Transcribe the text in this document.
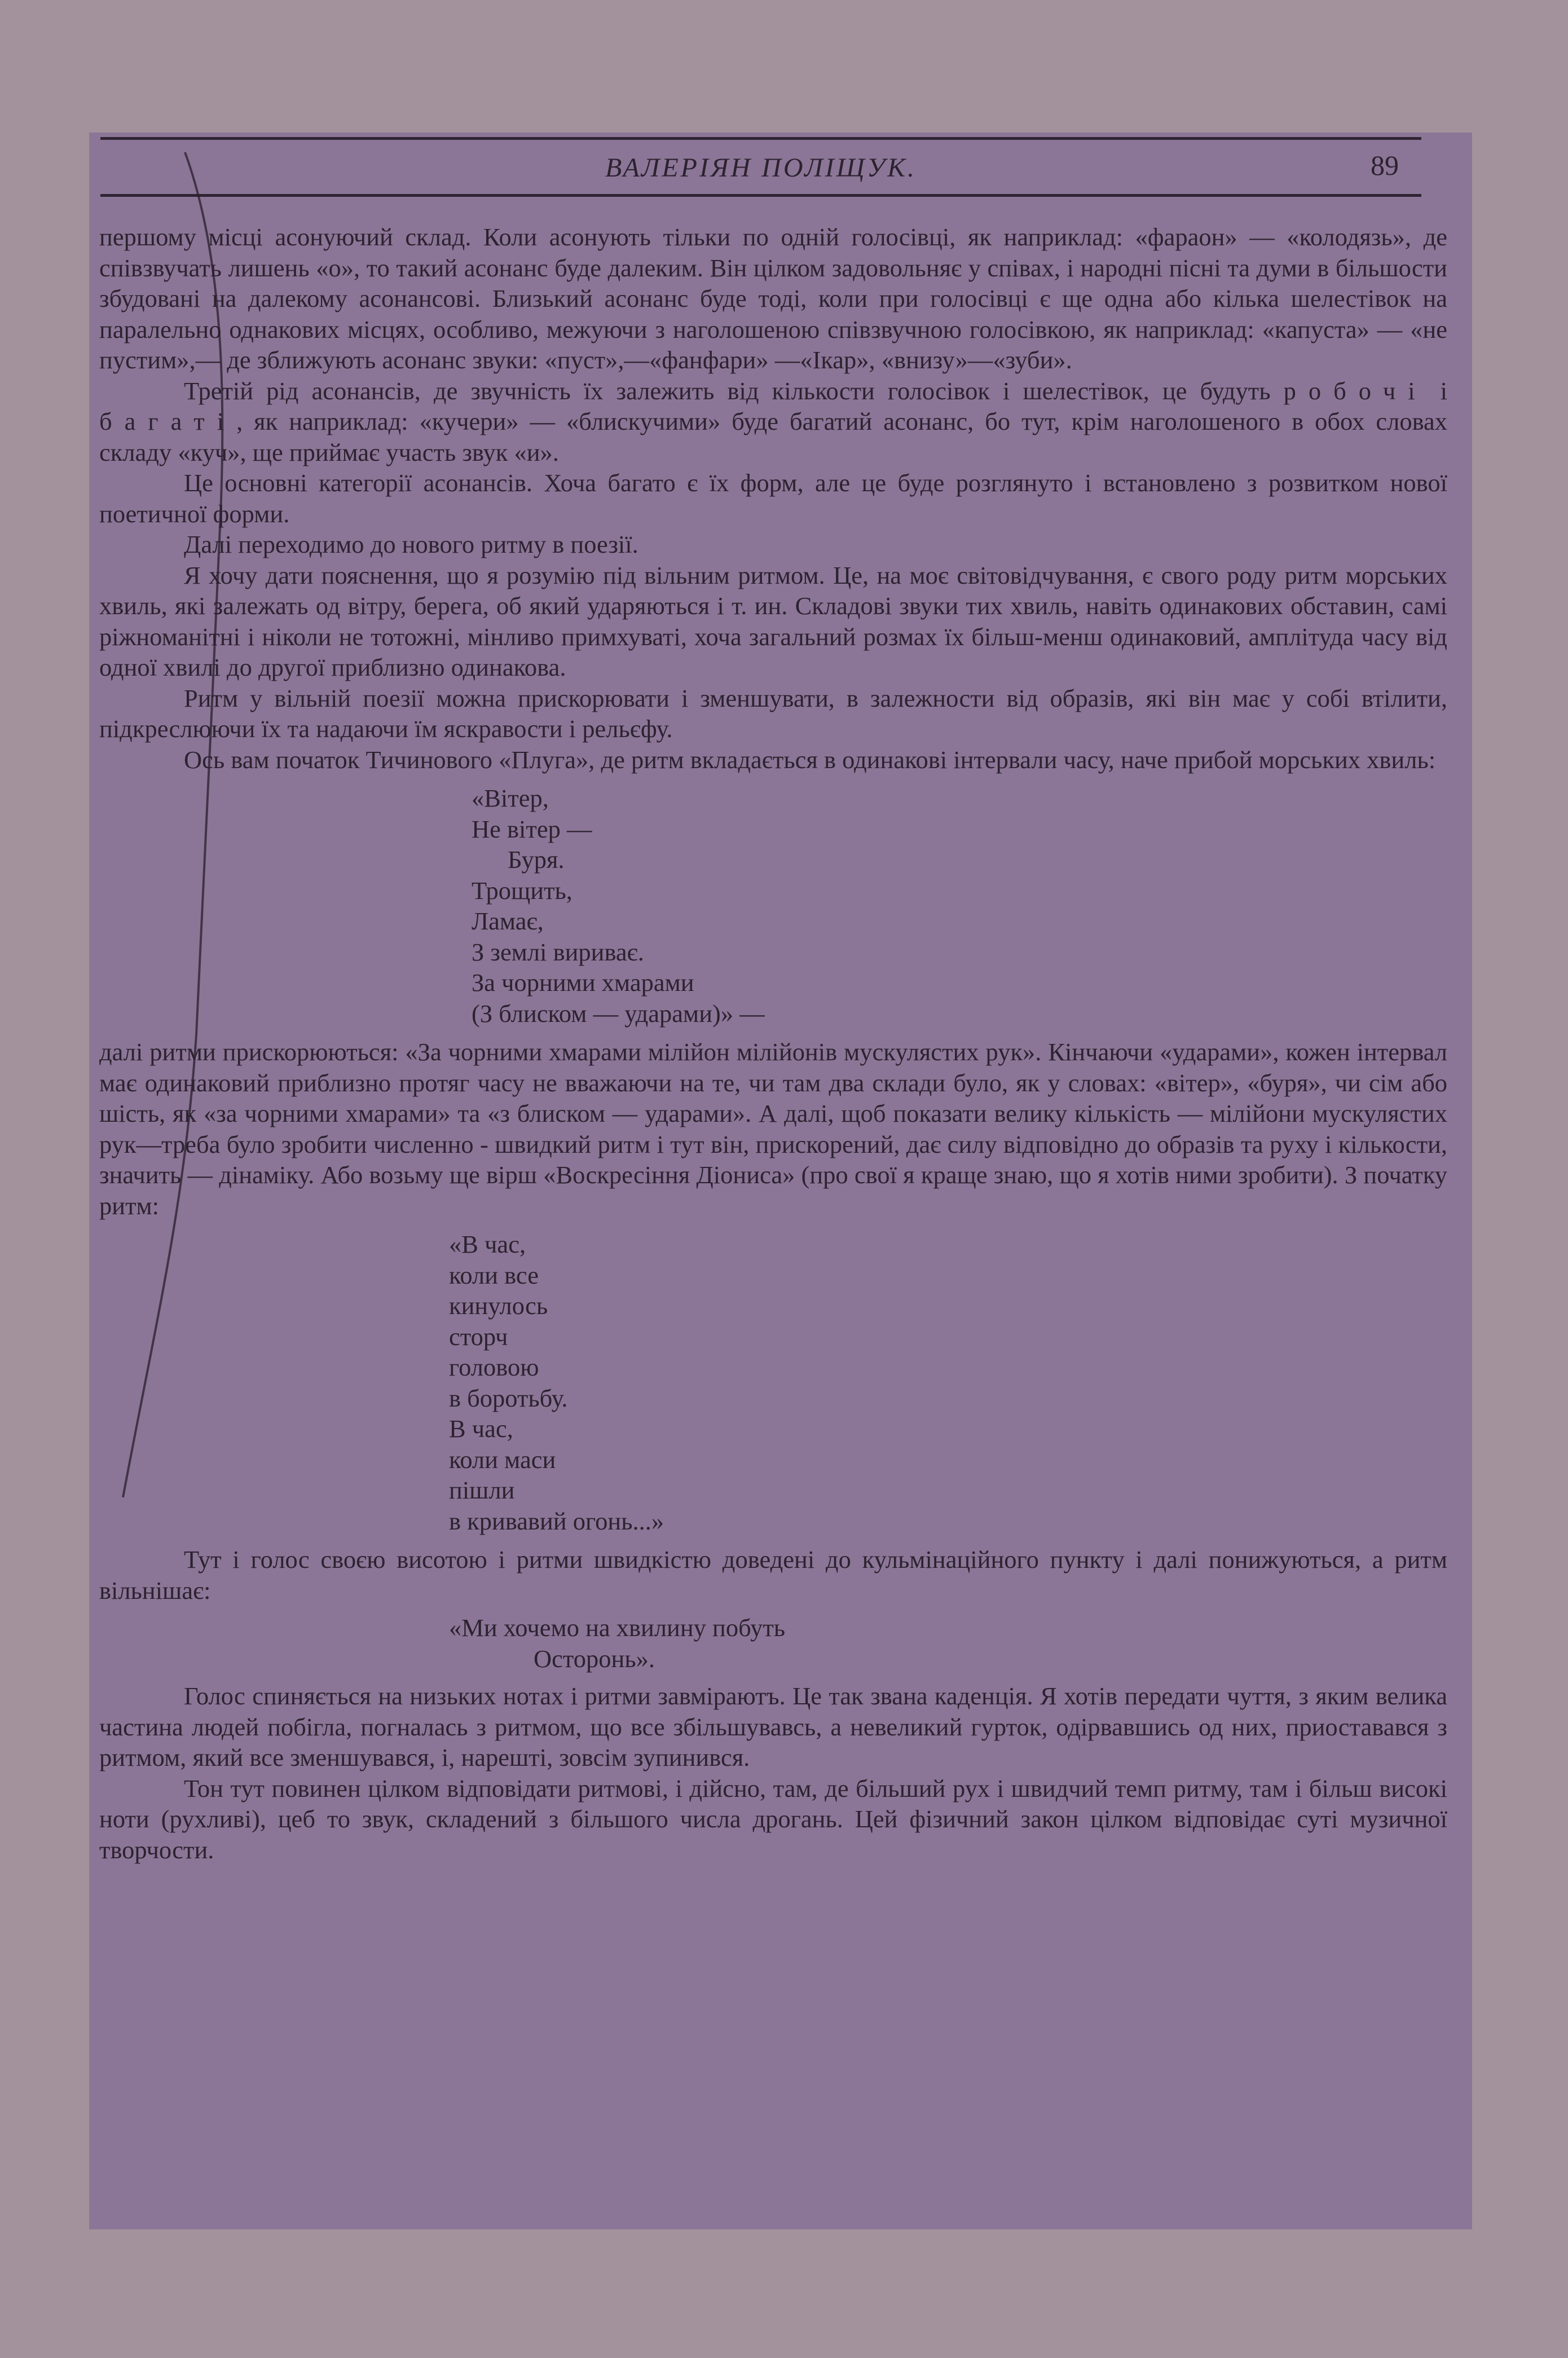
ВАЛЕРІЯН ПОЛІЩУК.	89

першому місці асонуючий склад. Коли асонують тільки по одній голосівці, як наприклад: «фараон» — «колодязь», де співзвучать лишень «о», то такий асонанс буде далеким. Він цілком задовольняє у співах, і народні пісні та думи в більшости збудовані на далекому асонансові. Близький асонанс буде тоді, коли при голосівці є ще одна або кілька шелестівок на паралельно однакових місцях, особливо, межуючи з наголошеною співзвучною голосівкою, як наприклад: «капуста» — «не пустим»,— де зближують асонанс звуки: «пуст»,—«фанфари» —«Ікар», «внизу»—«зуби».

Третій рід асонансів, де звучність їх залежить від кількости голосівок і шелестівок, це будуть робочі і багаті, як наприклад: «кучери» — «блискучими» буде багатий асонанс, бо тут, крім наголошеного в обох словах складу «куч», ще приймає участь звук «и».

Це основні категорії асонансів. Хоча багато є їх форм, але це буде розглянуто і встановлено з розвитком нової поетичної форми.

Далі переходимо до нового ритму в поезії.

Я хочу дати пояснення, що я розумію під вільним ритмом. Це, на моє світовідчування, є свого роду ритм морських хвиль, які залежать од вітру, берега, об який ударяються і т. ин. Складові звуки тих хвиль, навіть одинакових обставин, самі ріжноманітні і ніколи не тотожні, мінливо примхуваті, хоча загальний розмах їх більш-менш одинаковий, амплітуда часу від одної хвилі до другої приблизно одинакова.

Ритм у вільній поезії можна прискорювати і зменшувати, в залежности від образів, які він має у собі втілити, підкреслюючи їх та надаючи їм яскравости і рельєфу.

Ось вам початок Тичинового «Плуга», де ритм вкладається в одинакові інтервали часу, наче прибой морських хвиль:

«Вітер,
Не вітер —
Буря.
Трощить,
Ламає,
З землі вириває.
За чорними хмарами
(З блиском — ударами)» —

далі ритми прискорюються: «За чорними хмарами мілійон мілійонів мускулястих рук». Кінчаючи «ударами», кожен інтервал має одинаковий приблизно протяг часу не вважаючи на те, чи там два склади було, як у словах: «вітер», «буря», чи сім або шість, як «за чорними хмарами» та «з блиском — ударами». А далі, щоб показати велику кількість — мілійони мускулястих рук—треба було зробити численно - швидкий ритм і тут він, прискорений, дає силу відповідно до образів та руху і кількости, значить — дінаміку. Або возьму ще вірш «Воскресіння Діониса» (про свої я краще знаю, що я хотів ними зробити). З початку ритм:

«В час,
коли все
кинулось
сторч
головою
в боротьбу.
В час,
коли маси
пішли
в кривавий огонь...»

Тут і голос своєю висотою і ритми швидкістю доведені до кульмінаційного пункту і далі понижуються, а ритм вільнішає:

«Ми хочемо на хвилину побуть
Осторонь».

Голос спиняється на низьких нотах і ритми завміраютъ. Це так звана каденція. Я хотів передати чуття, з яким велика частина людей побігла, погналась з ритмом, що все збільшувавсь, а невеликий гурток, одірвавшись од них, приоставався з ритмом, який все зменшувався, і, нарешті, зовсім зупинився.

Тон тут повинен цілком відповідати ритмові, і дійсно, там, де більший рух і швидчий темп ритму, там і більш високі ноти (рухливі), цеб то звук, складений з більшого числа дрогань. Цей фізичний закон цілком відповідає суті музичної творчости.
